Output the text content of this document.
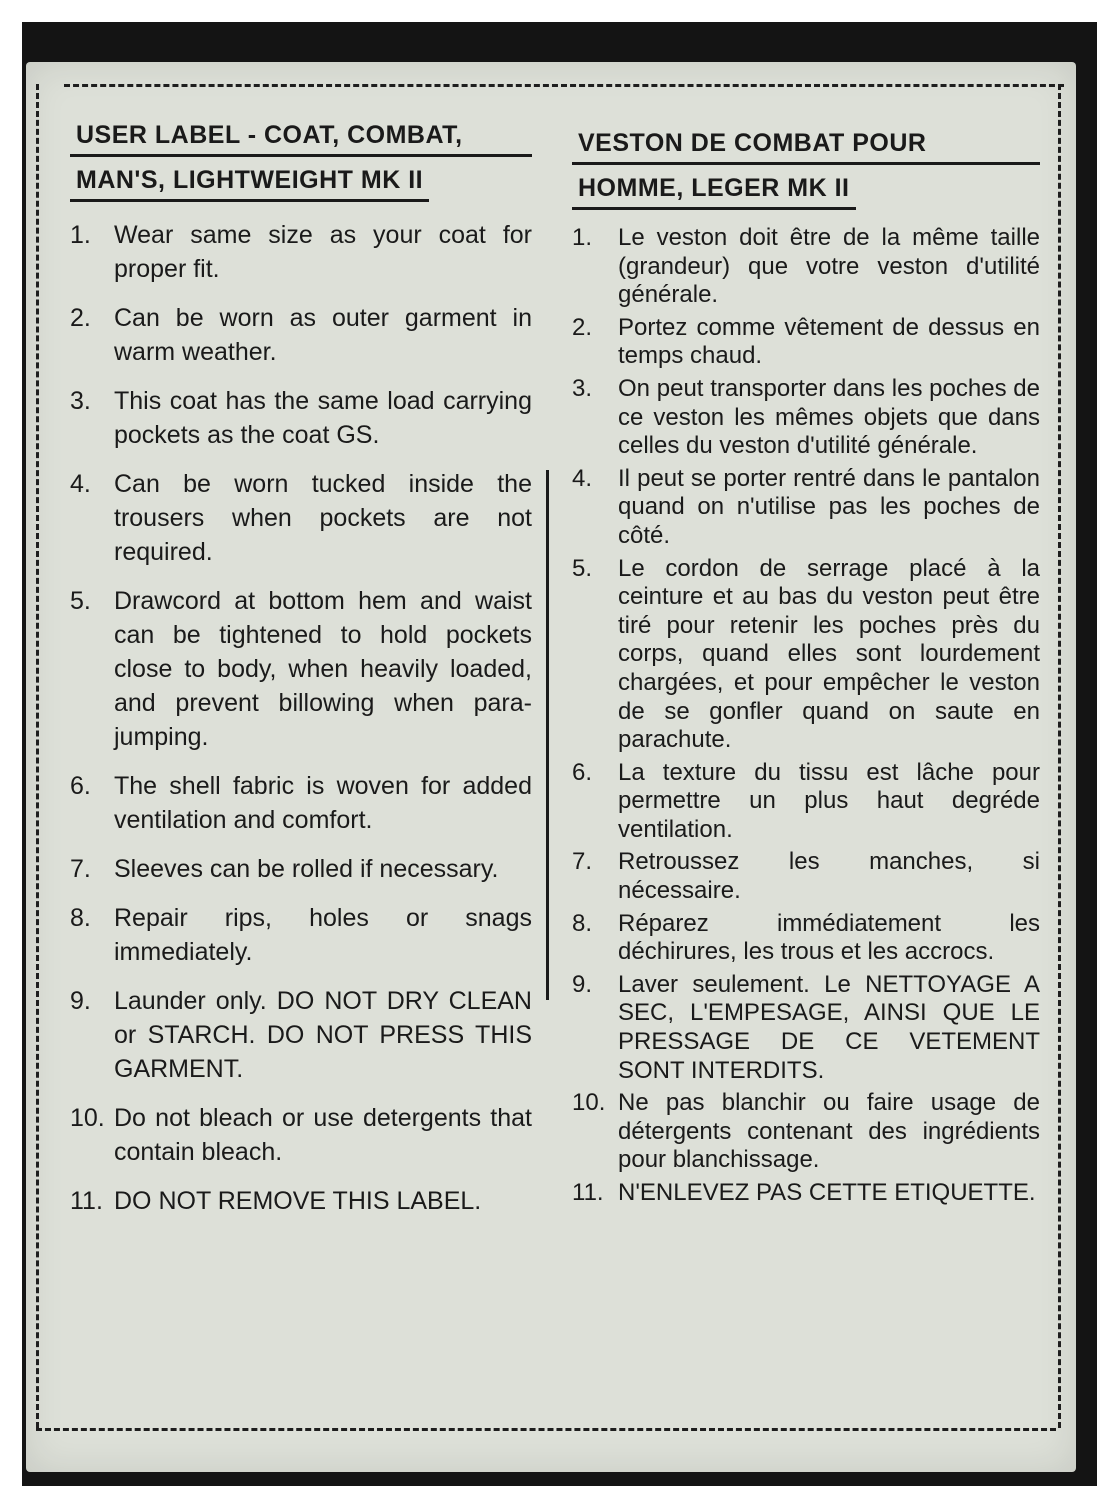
USER LABEL - COAT, COMBAT,
MAN'S, LIGHTWEIGHT MK II
1. Wear same size as your coat for proper fit.
2. Can be worn as outer garment in warm weather.
3. This coat has the same load carrying pockets as the coat GS.
4. Can be worn tucked inside the trousers when pockets are not required.
5. Drawcord at bottom hem and waist can be tightened to hold pockets close to body, when heavily loaded, and prevent billowing when para-jumping.
6. The shell fabric is woven for added ventilation and comfort.
7. Sleeves can be rolled if necessary.
8. Repair rips, holes or snags immediately.
9. Launder only. DO NOT DRY CLEAN or STARCH. DO NOT PRESS THIS GARMENT.
10. Do not bleach or use detergents that contain bleach.
11. DO NOT REMOVE THIS LABEL.
VESTON DE COMBAT POUR
HOMME, LEGER MK II
1. Le veston doit être de la même taille (grandeur) que votre veston d'utilité générale.
2. Portez comme vêtement de dessus en temps chaud.
3. On peut transporter dans les poches de ce veston les mêmes objets que dans celles du veston d'utilité générale.
4. Il peut se porter rentré dans le pantalon quand on n'utilise pas les poches de côté.
5. Le cordon de serrage placé à la ceinture et au bas du veston peut être tiré pour retenir les poches près du corps, quand elles sont lourdement chargées, et pour empêcher le veston de se gonfler quand on saute en parachute.
6. La texture du tissu est lâche pour permettre un plus haut degréde ventilation.
7. Retroussez les manches, si nécessaire.
8. Réparez immédiatement les déchirures, les trous et les accrocs.
9. Laver seulement. Le NETTOYAGE A SEC, L'EMPESAGE, AINSI QUE LE PRESSAGE DE CE VETEMENT SONT INTERDITS.
10. Ne pas blanchir ou faire usage de détergents contenant des ingrédients pour blanchissage.
11. N'ENLEVEZ PAS CETTE ETIQUETTE.
